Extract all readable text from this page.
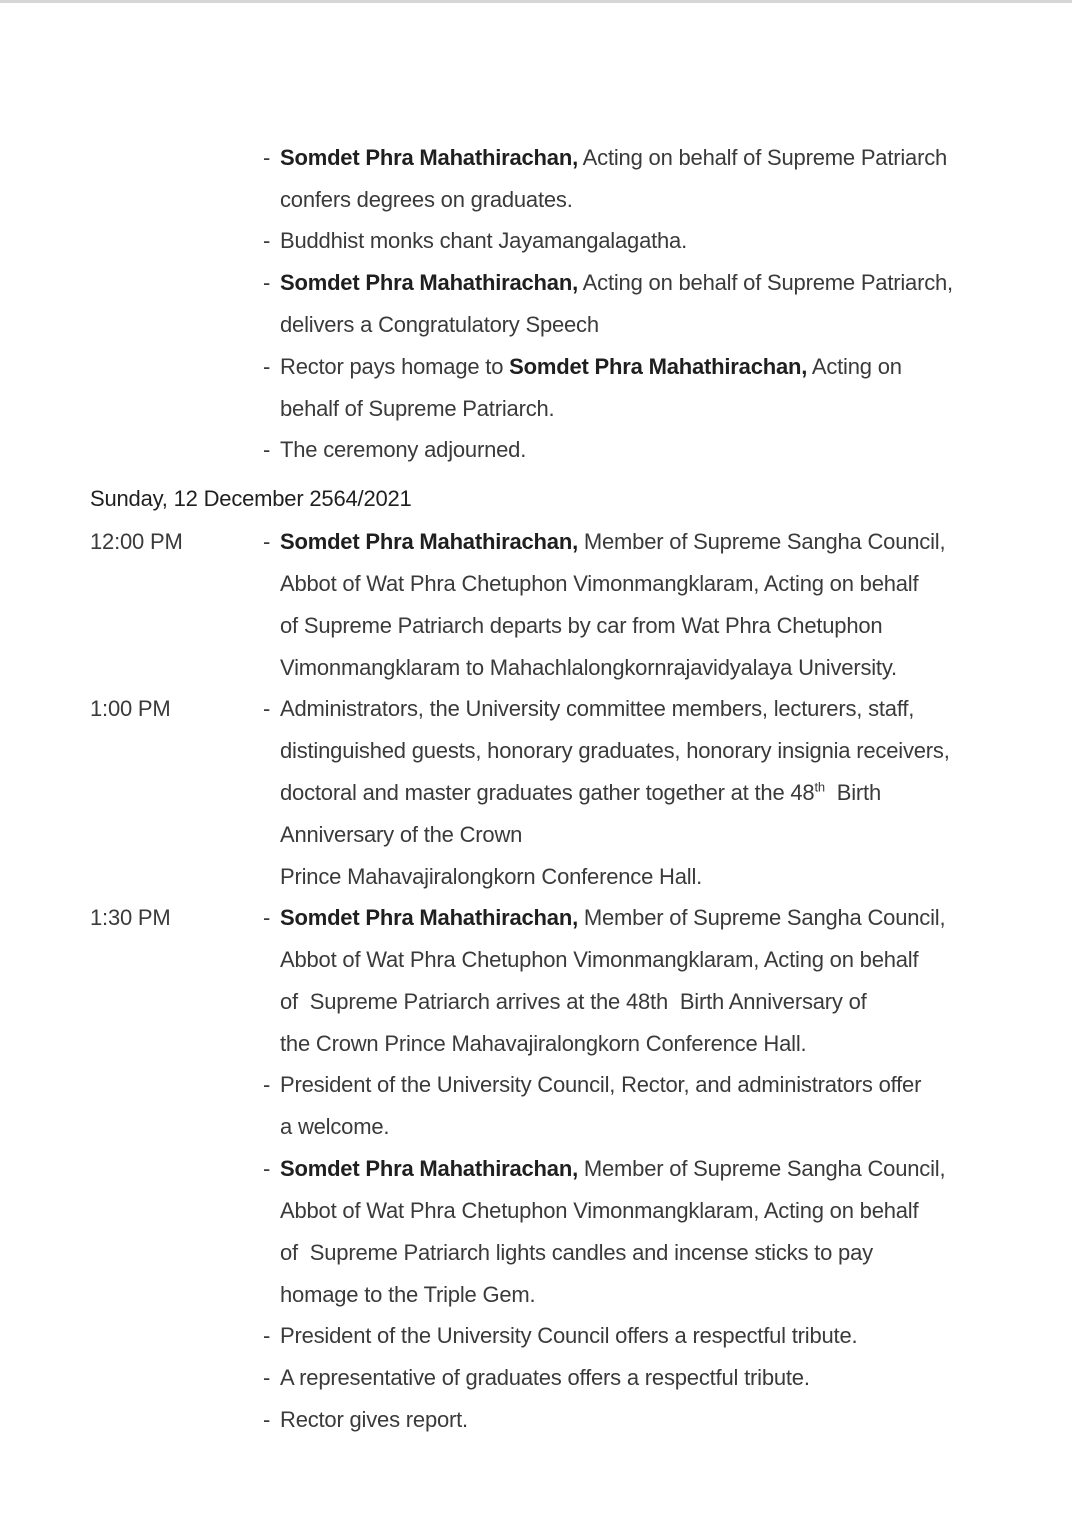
- Somdet Phra Mahathirachan, Acting on behalf of Supreme Patriarch
confers degrees on graduates.
- Buddhist monks chant Jayamangalagatha.
- Somdet Phra Mahathirachan, Acting on behalf of Supreme Patriarch,
delivers a Congratulatory Speech
- Rector pays homage to Somdet Phra Mahathirachan, Acting on
behalf of Supreme Patriarch.
- The ceremony adjourned.
Sunday, 12 December 2564/2021
12:00 PM	- Somdet Phra Mahathirachan, Member of Supreme Sangha Council,
Abbot of Wat Phra Chetuphon Vimonmangklaram, Acting on behalf
of Supreme Patriarch departs by car from Wat Phra Chetuphon
Vimonmangklaram to Mahachlalongkornrajavidyalaya University.
1:00 PM	- Administrators, the University committee members, lecturers, staff,
distinguished guests, honorary graduates, honorary insignia receivers,
doctoral and master graduates gather together at the 48th  Birth
Anniversary of the Crown
Prince Mahavajiralongkorn Conference Hall.
1:30 PM	- Somdet Phra Mahathirachan, Member of Supreme Sangha Council,
Abbot of Wat Phra Chetuphon Vimonmangklaram, Acting on behalf
of  Supreme Patriarch arrives at the 48th  Birth Anniversary of
the Crown Prince Mahavajiralongkorn Conference Hall.
- President of the University Council, Rector, and administrators offer
a welcome.
- Somdet Phra Mahathirachan, Member of Supreme Sangha Council,
Abbot of Wat Phra Chetuphon Vimonmangklaram, Acting on behalf
of  Supreme Patriarch lights candles and incense sticks to pay
homage to the Triple Gem.
- President of the University Council offers a respectful tribute.
- A representative of graduates offers a respectful tribute.
- Rector gives report.
